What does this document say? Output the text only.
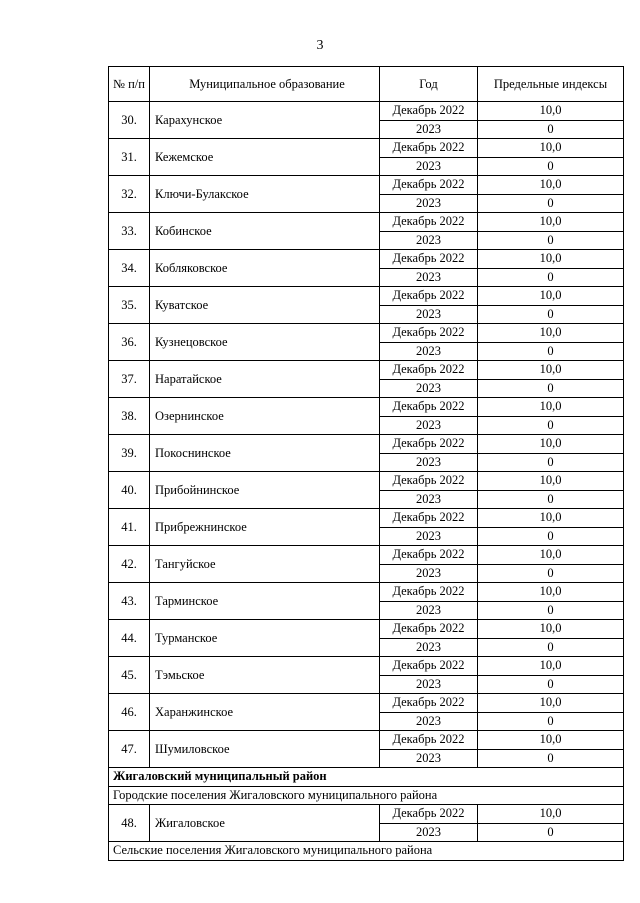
3
№ п/п	Муниципальное образование	Год	Предельные индексы
30.	Карахунское	Декабрь 2022	10,0
		2023	0
31.	Кежемское	Декабрь 2022	10,0
		2023	0
32.	Ключи-Булакское	Декабрь 2022	10,0
		2023	0
33.	Кобинское	Декабрь 2022	10,0
		2023	0
34.	Кобляковское	Декабрь 2022	10,0
		2023	0
35.	Куватское	Декабрь 2022	10,0
		2023	0
36.	Кузнецовское	Декабрь 2022	10,0
		2023	0
37.	Наратайское	Декабрь 2022	10,0
		2023	0
38.	Озернинское	Декабрь 2022	10,0
		2023	0
39.	Покоснинское	Декабрь 2022	10,0
		2023	0
40.	Прибойнинское	Декабрь 2022	10,0
		2023	0
41.	Прибрежнинское	Декабрь 2022	10,0
		2023	0
42.	Тангуйское	Декабрь 2022	10,0
		2023	0
43.	Тарминское	Декабрь 2022	10,0
		2023	0
44.	Турманское	Декабрь 2022	10,0
		2023	0
45.	Тэмьское	Декабрь 2022	10,0
		2023	0
46.	Харанжинское	Декабрь 2022	10,0
		2023	0
47.	Шумиловское	Декабрь 2022	10,0
		2023	0
Жигаловский муниципальный район			
Городские поселения Жигаловского муниципального района			
48.	Жигаловское	Декабрь 2022	10,0
		2023	0
Сельские поселения Жигаловского муниципального района			
